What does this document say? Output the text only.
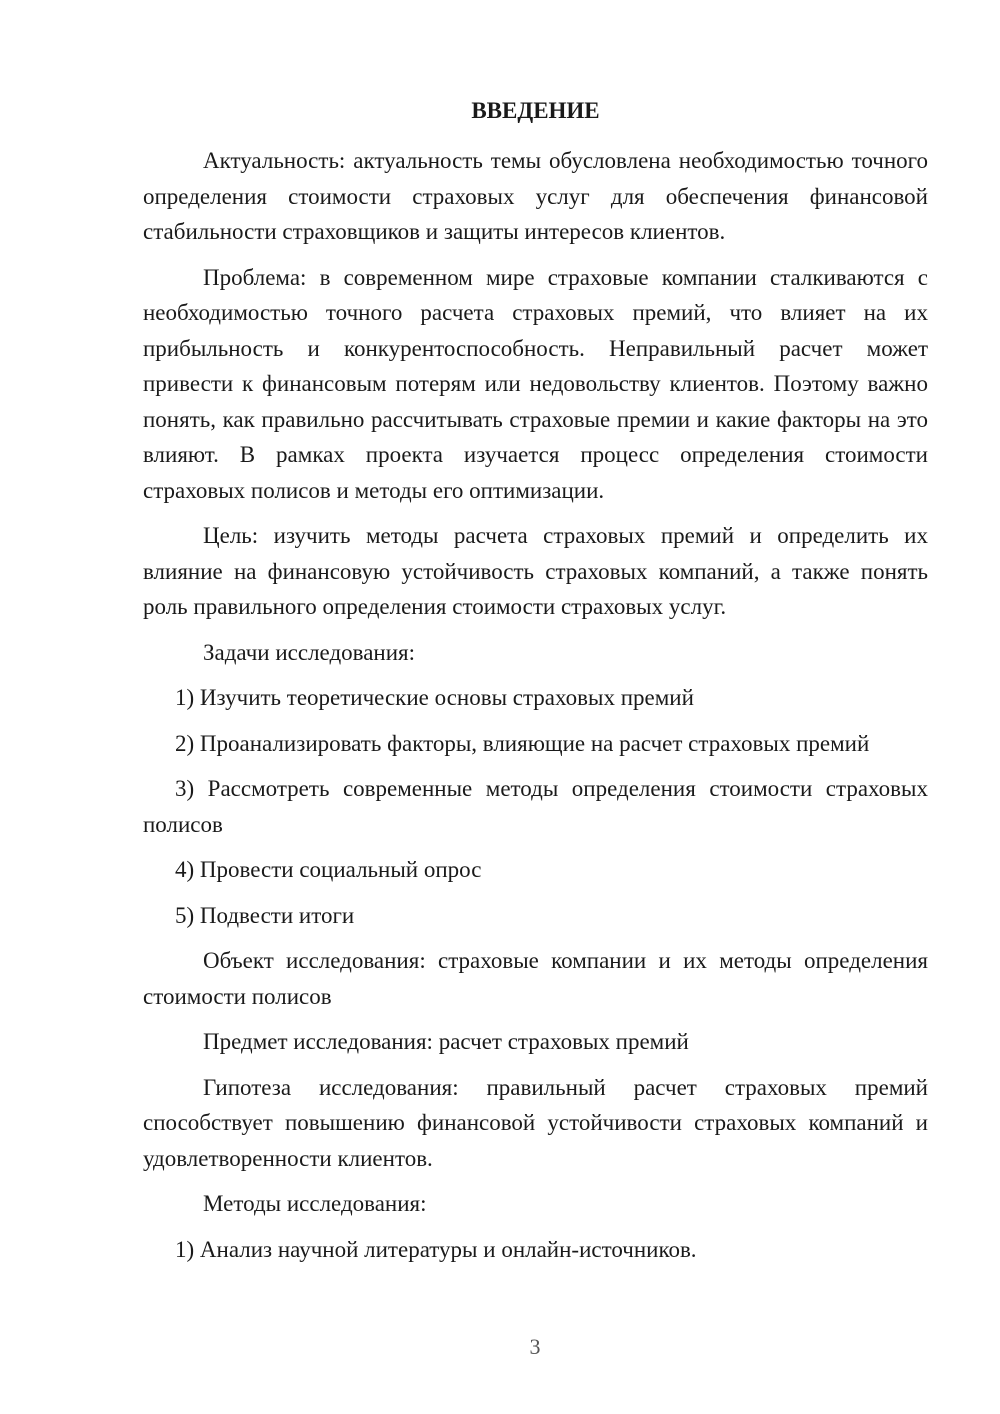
ВВЕДЕНИЕ

Актуальность: актуальность темы обусловлена необходимостью точного определения стоимости страховых услуг для обеспечения финансовой стабильности страховщиков и защиты интересов клиентов.

Проблема: в современном мире страховые компании сталкиваются с необходимостью точного расчета страховых премий, что влияет на их прибыльность и конкурентоспособность. Неправильный расчет может привести к финансовым потерям или недовольству клиентов. Поэтому важно понять, как правильно рассчитывать страховые премии и какие факторы на это влияют. В рамках проекта изучается процесс определения стоимости страховых полисов и методы его оптимизации.

Цель: изучить методы расчета страховых премий и определить их влияние на финансовую устойчивость страховых компаний, а также понять роль правильного определения стоимости страховых услуг.

Задачи исследования:

1) Изучить теоретические основы страховых премий

2) Проанализировать факторы, влияющие на расчет страховых премий

3) Рассмотреть современные методы определения стоимости страховых полисов

4) Провести социальный опрос

5) Подвести итоги

Объект исследования: страховые компании и их методы определения стоимости полисов

Предмет исследования: расчет страховых премий

Гипотеза исследования: правильный расчет страховых премий способствует повышению финансовой устойчивости страховых компаний и удовлетворенности клиентов.

Методы исследования:

1) Анализ научной литературы и онлайн-источников.

3
